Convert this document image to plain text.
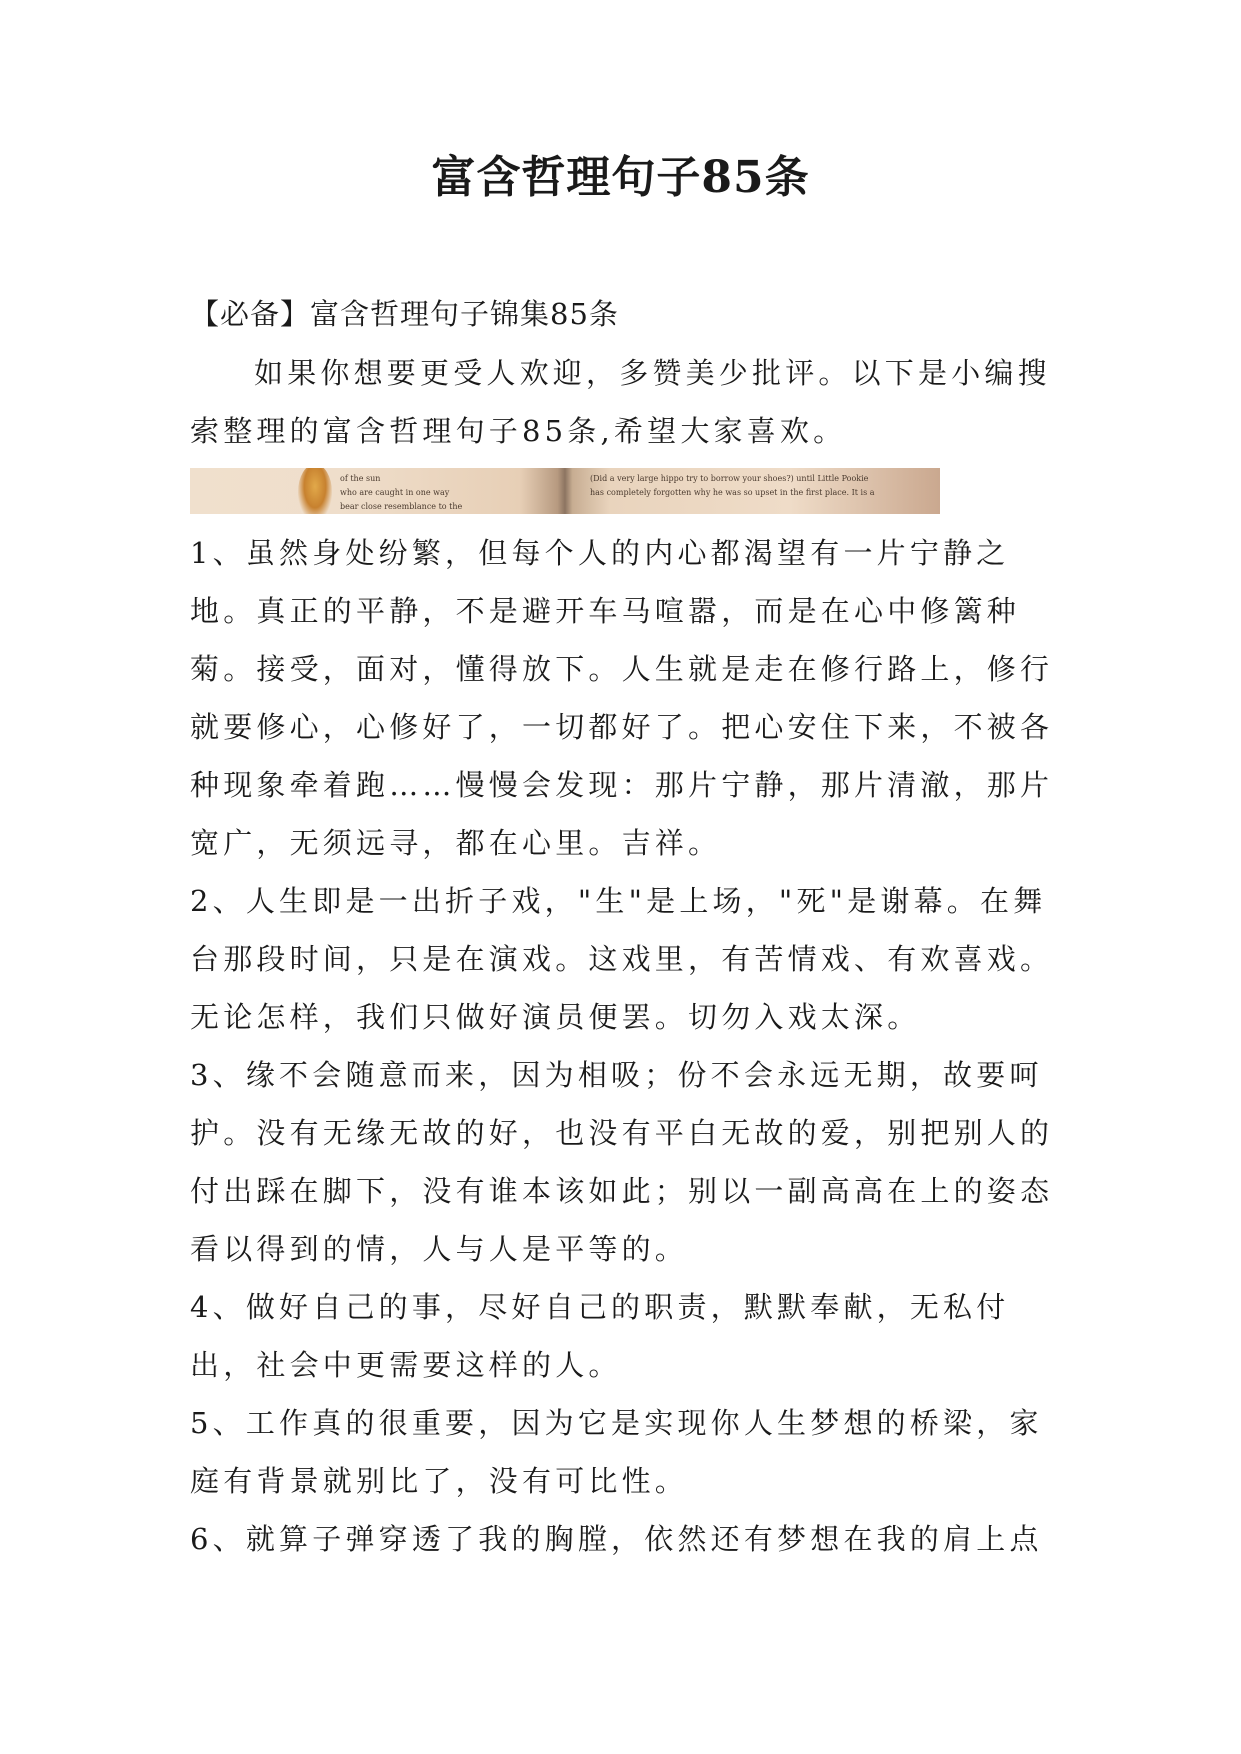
富含哲理句子85条

【必备】富含哲理句子锦集85条

如果你想要更受人欢迎，多赞美少批评。以下是小编搜索整理的富含哲理句子85条,希望大家喜欢。

of the sun
who are caught in one way
bear close resemblance to the
(Did a very large hippo try to borrow your shoes?) until Little Pookie
has completely forgotten why he was so upset in the first place. It is a

1、虽然身处纷繁，但每个人的内心都渴望有一片宁静之地。真正的平静，不是避开车马喧嚣，而是在心中修篱种菊。接受，面对，懂得放下。人生就是走在修行路上，修行就要修心，心修好了，一切都好了。把心安住下来，不被各种现象牵着跑……慢慢会发现：那片宁静，那片清澈，那片宽广，无须远寻，都在心里。吉祥。

2、人生即是一出折子戏，"生"是上场，"死"是谢幕。在舞台那段时间，只是在演戏。这戏里，有苦情戏、有欢喜戏。无论怎样，我们只做好演员便罢。切勿入戏太深。

3、缘不会随意而来，因为相吸；份不会永远无期，故要呵护。没有无缘无故的好，也没有平白无故的爱，别把别人的付出踩在脚下，没有谁本该如此；别以一副高高在上的姿态看以得到的情，人与人是平等的。

4、做好自己的事，尽好自己的职责，默默奉献，无私付出，社会中更需要这样的人。

5、工作真的很重要，因为它是实现你人生梦想的桥梁，家庭有背景就别比了，没有可比性。

6、就算子弹穿透了我的胸膛，依然还有梦想在我的肩上点
